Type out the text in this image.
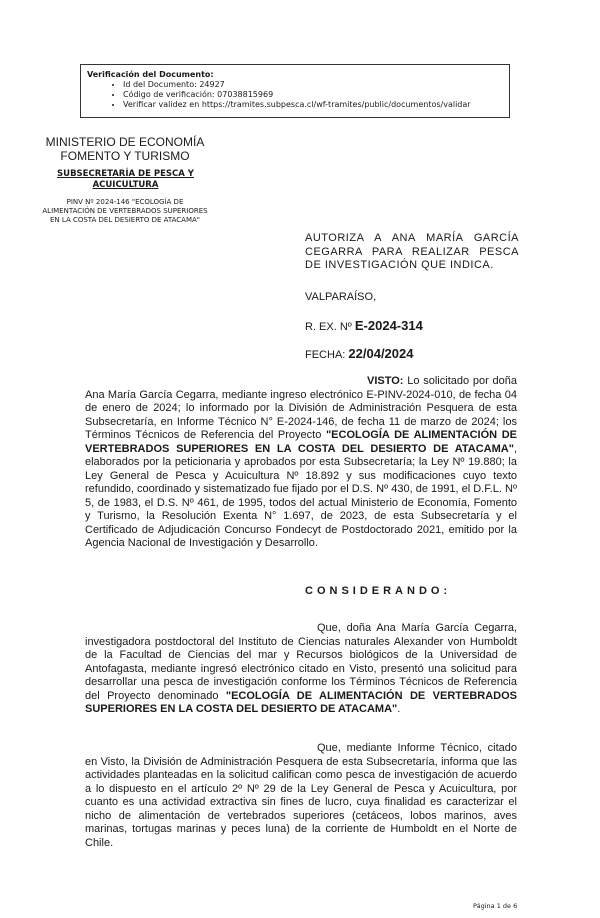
Verificación del Documento:
• Id del Documento: 24927
• Código de verificación: 07038815969
• Verificar validez en https://tramites.subpesca.cl/wf-tramites/public/documentos/validar
MINISTERIO DE ECONOMÍA
FOMENTO Y TURISMO
SUBSECRETARÍA DE PESCA Y
ACUICULTURA
PINV Nº 2024-146 "ECOLOGÍA DE
ALIMENTACIÓN DE VERTEBRADOS SUPERIORES
EN LA COSTA DEL DESIERTO DE ATACAMA"
AUTORIZA A ANA MARÍA GARCÍA CEGARRA PARA REALIZAR PESCA DE INVESTIGACIÓN QUE INDICA.
VALPARAÍSO,
R. EX. Nº E-2024-314
FECHA: 22/04/2024

VISTO: Lo solicitado por doña Ana María García Cegarra, mediante ingreso electrónico E-PINV-2024-010, de fecha 04 de enero de 2024; lo informado por la División de Administración Pesquera de esta Subsecretaría, en Informe Técnico N° E-2024-146, de fecha 11 de marzo de 2024; los Términos Técnicos de Referencia del Proyecto "ECOLOGÍA DE ALIMENTACIÓN DE VERTEBRADOS SUPERIORES EN LA COSTA DEL DESIERTO DE ATACAMA", elaborados por la peticionaria y aprobados por esta Subsecretaría; la Ley Nº 19.880; la Ley General de Pesca y Acuicultura Nº 18.892 y sus modificaciones cuyo texto refundido, coordinado y sistematizado fue fijado por el D.S. Nº 430, de 1991, el D.F.L. Nº 5, de 1983, el D.S. Nº 461, de 1995, todos del actual Ministerio de Economía, Fomento y Turismo, la Resolución Exenta N° 1.697, de 2023, de esta Subsecretaría y el Certificado de Adjudicación Concurso Fondecyt de Postdoctorado 2021, emitido por la Agencia Nacional de Investigación y Desarrollo.

CONSIDERANDO:

Que, doña Ana María García Cegarra, investigadora postdoctoral del Instituto de Ciencias naturales Alexander von Humboldt de la Facultad de Ciencias del mar y Recursos biológicos de la Universidad de Antofagasta, mediante ingresó electrónico citado en Visto, presentó una solicitud para desarrollar una pesca de investigación conforme los Términos Técnicos de Referencia del Proyecto denominado "ECOLOGÍA DE ALIMENTACIÓN DE VERTEBRADOS SUPERIORES EN LA COSTA DEL DESIERTO DE ATACAMA".

Que, mediante Informe Técnico, citado en Visto, la División de Administración Pesquera de esta Subsecretaría, informa que las actividades planteadas en la solicitud califican como pesca de investigación de acuerdo a lo dispuesto en el artículo 2º Nº 29 de la Ley General de Pesca y Acuicultura, por cuanto es una actividad extractiva sin fines de lucro, cuya finalidad es caracterizar el nicho de alimentación de vertebrados superiores (cetáceos, lobos marinos, aves marinas, tortugas marinas y peces luna) de la corriente de Humboldt en el Norte de Chile.

Página 1 de 6
